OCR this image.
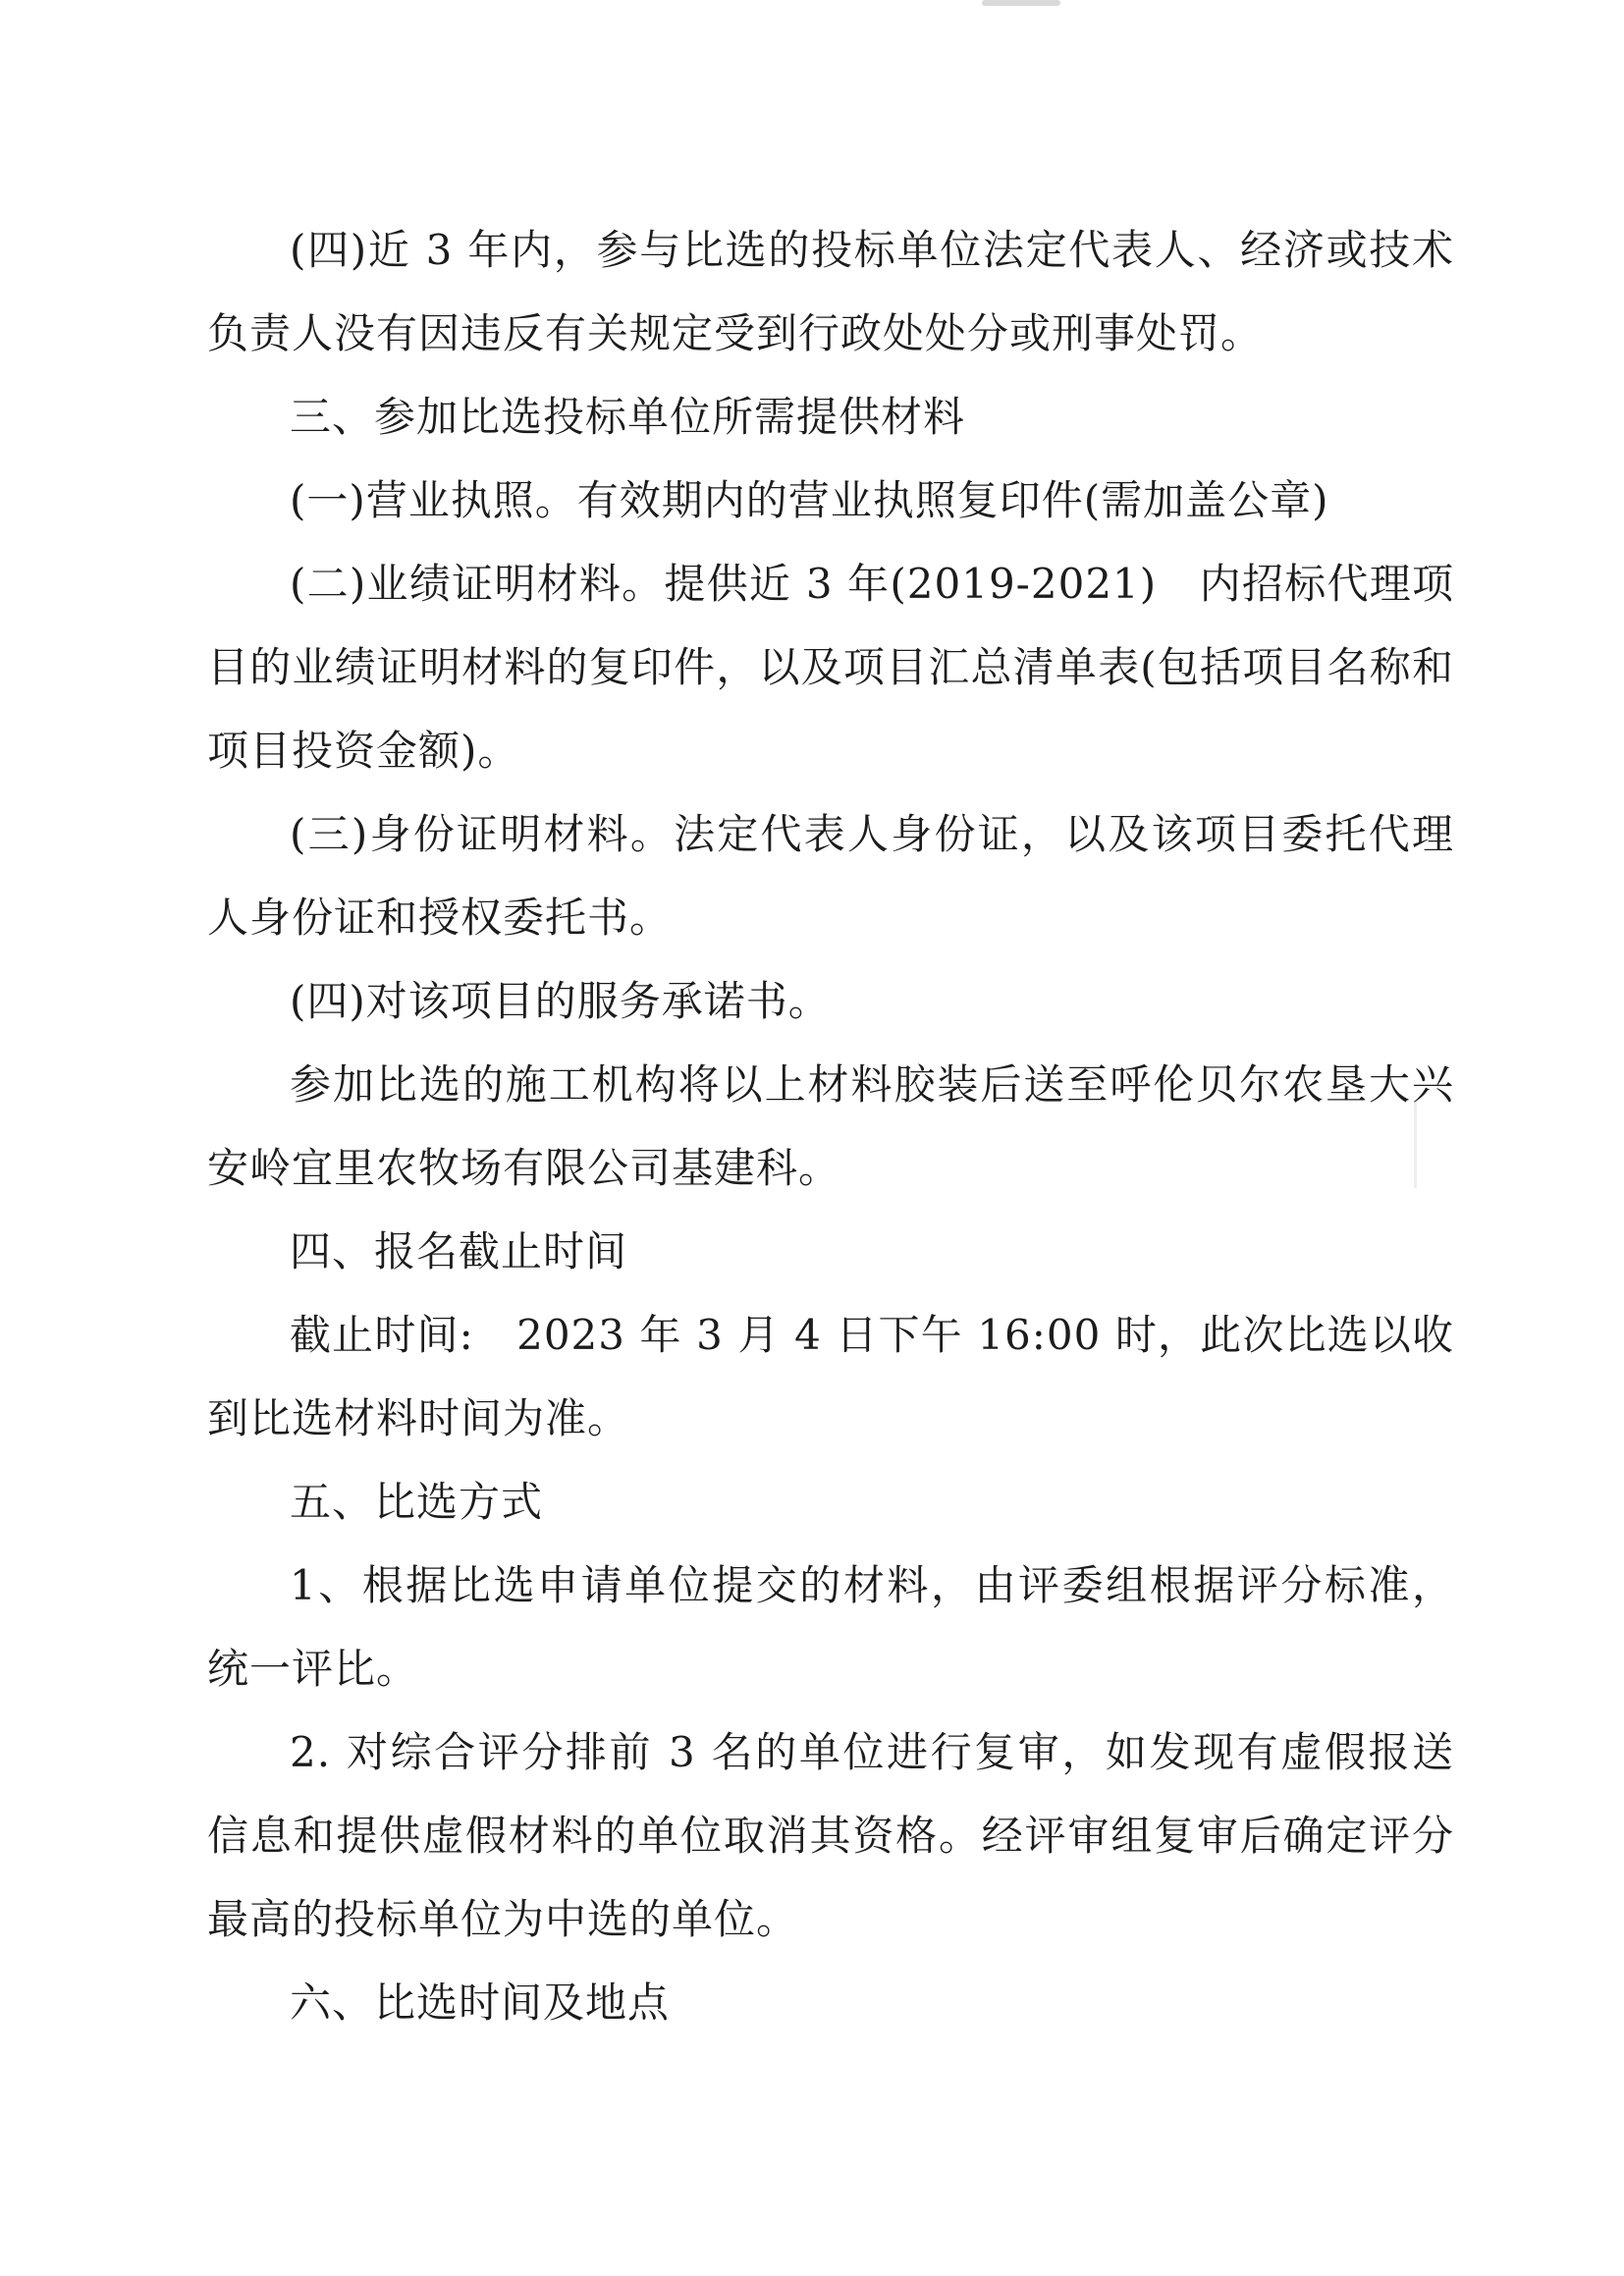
(四)近 3 年内，参与比选的投标单位法定代表人、经济或技术负责人没有因违反有关规定受到行政处处分或刑事处罚。

三、参加比选投标单位所需提供材料

(一)营业执照。有效期内的营业执照复印件(需加盖公章)

(二)业绩证明材料。提供近 3 年(2019-2021)　内招标代理项目的业绩证明材料的复印件，以及项目汇总清单表(包括项目名称和项目投资金额)。

(三)身份证明材料。法定代表人身份证，以及该项目委托代理人身份证和授权委托书。

(四)对该项目的服务承诺书。

参加比选的施工机构将以上材料胶装后送至呼伦贝尔农垦大兴安岭宜里农牧场有限公司基建科。

四、报名截止时间

截止时间:　2023 年 3 月 4 日下午 16:00 时，此次比选以收到比选材料时间为准。

五、比选方式

1、根据比选申请单位提交的材料，由评委组根据评分标准，统一评比。

2. 对综合评分排前 3 名的单位进行复审，如发现有虚假报送信息和提供虚假材料的单位取消其资格。经评审组复审后确定评分最高的投标单位为中选的单位。

六、比选时间及地点
